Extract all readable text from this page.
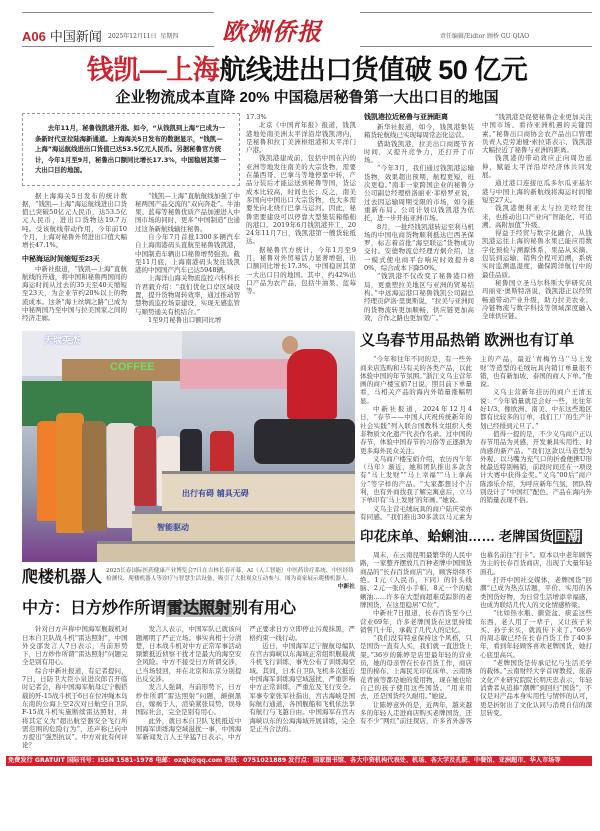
A06 中国新闻 2025年12月11日 星期四 欧洲侨报	责任编辑/Eidtor 顾桥 GU QIAO
钱凯—上海航线进出口货值破 50 亿元
企业物流成本直降 20% 中国稳居秘鲁第一大出口目的地国
去年11月，秘鲁钱凯港开港。如今，“从钱凯到上海”已成为一条新时代亚拉陆海新通道。上海海关5日发布的数据显示，“钱凯—上海”海运航线进出口货值已达53.5亿元人民币。另据秘鲁官方统计，今年1月至9月，秘鲁出口额同比增长17.3%，中国稳居其第一大出口目的地国。

据上海海关5日发布的统计数据，“钱凯—上海”海运航线进出口货值已突破50亿元人民币，达53.5亿元人民币，进出口货物达19.7万吨。受该航线带动作用，今年前10个月，上海对秘鲁外贸进出口值大幅增长47.1%。

中秘海运时间缩短至23天

中新社报道，“钱凯—上海”直航航线的开通，将中国和秘鲁两国间的海运时间从过去的35天至40天缩短至23天，为企业节约20%以上的物流成本。这条“海上丝绸之路”已成为中秘两国乃至中国与拉美国家之间的经济走廊。

“钱凯—上海”直航航线加强了中秘两国产品交流的“双向奔赴”。牛油果、蓝莓等秘鲁优质产品加速进入中国市场的同时，更多“中国制造”也通过这条新航线输往秘鲁。

自今年7月首批1300多辆汽车自上海南港码头直航至秘鲁钱凯港，中国制造车辆出口秘鲁增势强劲。截至11月底，上海南港码头发往钱凯港的中国国产汽车已达5948辆。

上海洋山海关物流监控六科科长许君毅介绍：“我们优化口岸区域设置，提升货物周转效率，通过推动智慧物流监控场景建设，实现无感监管与顺势通关有机结合。”

1至9月秘鲁出口额同比增

17.3%

北京《中国青年报》报道，钱凯港地处南美洲太平洋沿岸钱凯湾内，是秘鲁和拉丁美洲枢纽港和太平洋门户港。

钱凯港建成前，包括中国在内的亚洲等地发往南美的大宗货物，需要在墨西哥、巴拿马等地停靠中转，产品分装后才能运送到秘鲁等国，货运成本比较高，时间也长；反之，南美多国向中国出口大宗货物，也大多需要先向北绕行巴拿马运河。因此，秘鲁需要建设可以停靠大型集装箱船舶的港口。2019年6月钱凯港开工，2024年11月7日，钱凯港第一艘货轮抵达。

据秘鲁官方统计，今年1月至9月，秘鲁对外贸易活力显著增强，出口额同比增长17.3%，中国稳居其第一大出口目的地国。其中，约42%出口产品为农产品，包括牛油果、蓝莓等。

钱凯港拉近秘鲁与亚洲距离

新华社报道，如今，钱凯港集装箱货轮航线已实现每周常态化运营。

借助钱凯港，拉美出口商既节省时间，又提升竞争力，还打开了市场。

“今年3月，我们通过钱凯港运输货物，效果超出预期，航程更短，班次更稳。”南非一家跨国企业的秘鲁分公司副总经理格洛丽亚·菲格罗亚说，过去因运输周期受限的市场，如今能重新布局。公司计划以钱凯港为依托，进一步开拓亚洲市场。

8月，一批经钱凯港转运至利马机场的中国电商货物顺利抵达巴西圣保罗，标志着首批“海空联运”货物成功交付。安德物流总经理方炯介绍，这一模式使电商平台响应时效提升80%，综合成本下降50%。

“钱凯港不仅改变了秘鲁港口格局，更重塑拉美地区与亚洲的贸易结构。”中远海运港口秘鲁钱凯公司副总经理贡萨洛·里奥斯说，“拉美与亚洲间的货物流转更加顺畅，供应链更加高效，合作之路也更加宽广。”

“钱凯港是促使秘鲁企业更加关注中国市场、看待亚洲机遇的关键因素。”秘鲁出口商协会农产品出口管理负责人克劳迪娅·索拉诺表示，钱凯港大幅拉近了秘鲁与亚洲的距离。

钱凯港的带动效应正向周边延伸，赋能太平洋沿岸经济体共同发展。

通过港口连接厄瓜多尔瓜亚基尔港与中国上海的新航线将海运时间缩短至27天。

钱凯港便利亚太与拉美经贸往来，也推动出口产业向“智能化、可追溯、高附加值”升级。

得益于经贸与数字化融合，从钱凯港运往上海的秘鲁水果已能应用数字化预检与溯源体系，果品从采摘、包装到运输、销售全程可追溯，系统实时监测温湿度，确保跨洋航行中的最佳品质。

秘鲁国立圣马尔科斯大学研究员玛丽亚·奥斯特洛说，钱凯港正以经贸畅通带动产业升级，助力拉美农业、冷链物流与数字科技等领域深度融入全球供应链。

天瑞英杰
COFFEE
出行有碍 辅具无碍
智能驱动
爬楼机器人 2025长春国际医药健康产业博览会7日在吉林长春开幕，AI（人工智能）中医药诊疗系统、中医经络检测仪、爬楼机器人等诊疗与智慧生活设备，吸引了大批观众互动参与。图为商家展示爬楼机器人。
中新社
中方：日方炒作所谓雷达照射别有用心

针对日方声称中国海军舰载机对日本自卫队战斗机“雷达照射”，中国外交部发言人7日表示，当前形势下，日方炒作所谓“雷达照射”问题完全是别有用心。

综合中新社报道，有记者提问，7日，日防卫大臣小泉进次郎召开临时记者会，称中国海军航母辽宁舰搭载的歼-15战斗机于6日在位冲绳本岛东南的公海上空2次对日航空自卫队F-15战斗机实施断续雷达照射，并将其定义为“超出航空器安全飞行所需范围的危险行为”，还声称已向中方提出“强烈抗议”。中方对此有何评论？

发言人表示，中国军队已就该问题阐明了严正立场。事实真相十分清楚，日本战斗机对中方正常军事活动频繁抵近侦察干扰才是最大的海空安全风险。中方不接受日方所谓交涉，已当场驳回，并在北京和东京分别提出反交涉。

发言人强调，当前形势下，日方炒作所谓“雷达照射”问题，颠倒黑白，嫁祸于人，渲染紧张局势，误导国际社会，完全是别有用心。

此外，就日本自卫队飞机抵近中国海军训练海空域滋扰一事，中国海军新闻发言人王学猛7日表示，中方严正要求日方立即停止污蔑抹黑，严格约束一线行动。

近日，中国海军辽宁舰航母编队在宫古海峡以东海域正常组织舰载战斗机飞行训练，事先公布了训练海空域。其间，日本自卫队飞机多次抵近中国海军训练海空域滋扰，严重影响中方正常训练，严重危及飞行安全。军事专家张军社指出，宫古海峡是国际航行通道，各国舰船和飞机依法享有航行与飞越自由。中国海军在宫古海峡以东的公海海域开展训练，完全是正当合法的。

义乌春节用品热销 欧洲也有订单

“今年和往年不同的是，有一些外商来店选购和马有关的各类产品，以此体验中国的年节氛围。”浙江义乌主营年画的商户楼宝娟7日说，照目前下单量看，马相关产品的海内外销量涨幅明显。

中新社报道，2024年12月4日，“春节——中国人庆祝传统新年的社会实践”列入联合国教科文组织人类非物质文化遗产代表作名录。过中国的春节，体验中国春节的习俗等正逐渐为更多海外民众关注。

义乌商户楼宝娟介绍，农历丙午年（马年）渐近，她和团队推出多款含有“马上发财”“马上幸福”“马上拿高分”等字样的产品。“大家都想讨个吉利，也有外商找我了解完寓意后，立马下单印有‘马上发财’的年画。”她说。

义乌主营毛绒玩具的商户陆庆荣亦有同感。“我们推出30多款以马元素为主的产品，最近‘青梅竹马’‘马上发财’等造型的毛绒玩具内销订单量很不错，也有新加坡、泰国的商人下单。”他说。

义乌主营新年挂历的商户王清玉说：“今年销量就是会好一些，比往年好1/3。像欧洲、南美、中东这些地区都有比较多的订单，我们工厂的生产计划已经排到元旦了。”

值得一提的是，不少义乌商户正以春节用品为灵感，开发兼具实用性、时尚感的新产品。“我们这款以马造型为外观、以马嘴为充气口的折叠便携U形枕最近特别畅销，前段时间还在一项设计大赛中获得金奖。”义乌“00后”商户陈添乐介绍，为呼应新年气氛，团队特别设计了“中国红”配色，产品在海内外的销量表现不俗。

印花床单、蛤蜊油…… 老牌国货回潮

周末，在云南昆明最繁华的人民中路，一家整齐摆放几百种老牌中国国货商品的“长春百货商店”内，顾客络绎不绝。1元（人民币，下同）的针头线脑、2元一张的小手帕、8元一个的蛤蜊油……许多在大型商超难觅踪影的老牌国货，在这里稳居“C位”。

中新社7日报道，长春百货至今已营业69年，许多老牌国货在这里持续销售几十年，承载了几代人的记忆。

“我们没有特意保持这个风格，只是国货一直有人买，我们就一直进货上架。”36岁的陈婷是店里最年轻的营业员，她的母亲曾在长春百货工作，商店里的棉布、上海民光印花床单、云南绣花背被等都是她的爱用物，现在她也给自己的孩子使用这些国货。“用来用去，还是国货经久耐用。”她说。

让陈婷意外的是，近两年，越来越多的年轻人走进商店购买老牌国货，还有不少“网红”前往探店，许多省外游客也慕名前往“打卡”。原本以中老年顾客为主的长春百货商店，出现了大量年轻面孔。

打开中国社交媒体，老牌国货“回潮”已成为热点话题，平价、实用的各类国货好物，为日常生活增添幸福感，也成为联结几代人的文化情感桥梁。

“比如热水瓶、搪瓷盆、痰盂这些东西，老人用了一辈子，又让孩子来买、孙子来买，就流传下来了。”66岁的周志敏已经在长春百货工作了40多年，看到年轻顾客喜欢老牌国货，她打心底里高兴。

“老牌国货是传承记忆与生活美学的载体。”云南财经大学首席教授、旅游文化产业研究院院长明庆忠表示，年轻消费者从追捧“潮牌”到回归“国货”，不仅是对产品本身实用性与情怀的认可，更是折射出了文化认同与消费自信的深层转变。

免费发行 GRATUIT 国际刊号：ISSN 1581-1978 电邮：ozqb@qq.com 热线：0751021889 发行点：国家图书馆、各大中资机构代表处、机场、各大学及孔院、中餐馆、亚洲超市、华人市场等
